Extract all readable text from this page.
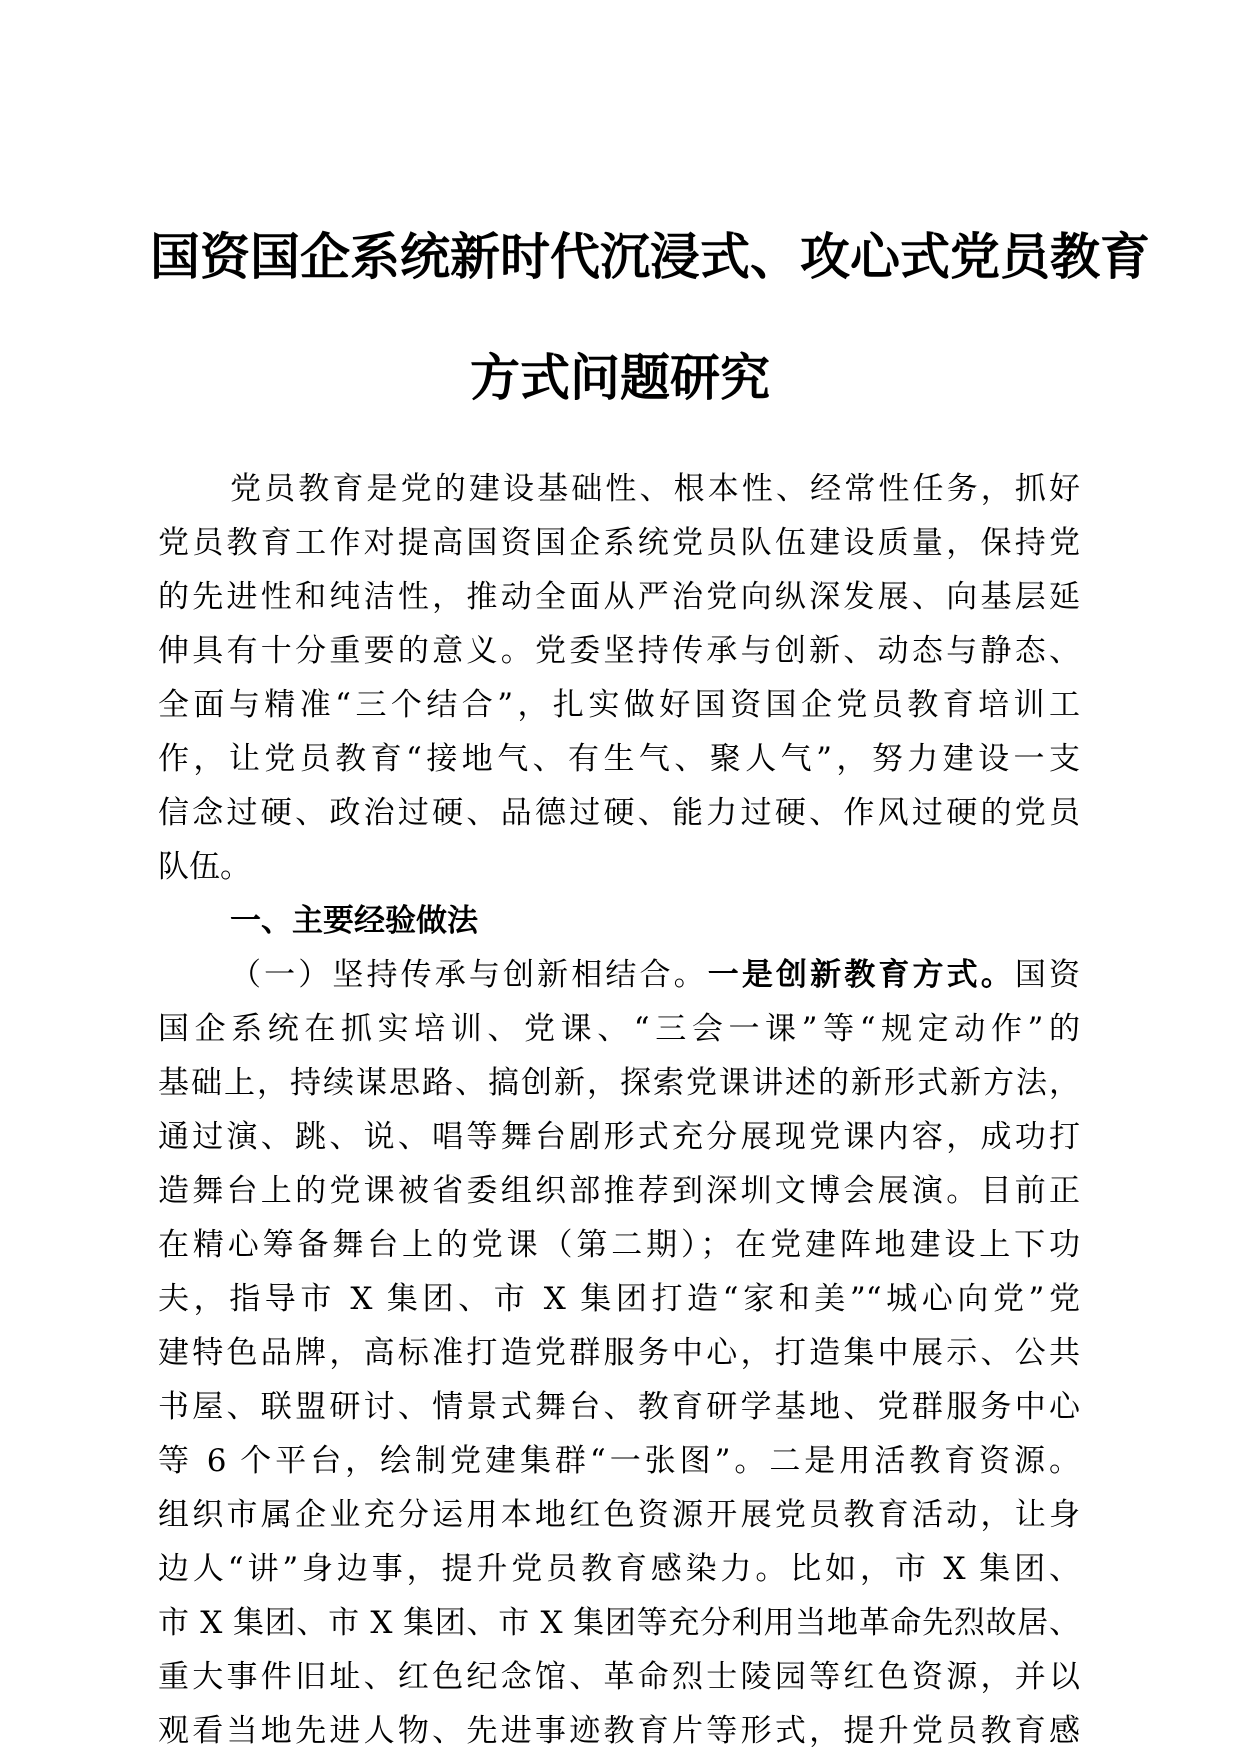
国资国企系统新时代沉浸式、攻心式党员教育
方式问题研究
党员教育是党的建设基础性、根本性、经常性任务，抓好
党员教育工作对提高国资国企系统党员队伍建设质量，保持党
的先进性和纯洁性，推动全面从严治党向纵深发展、向基层延
伸具有十分重要的意义。党委坚持传承与创新、动态与静态、
全面与精准“三个结合”，扎实做好国资国企党员教育培训工
作，让党员教育“接地气、有生气、聚人气”，努力建设一支
信念过硬、政治过硬、品德过硬、能力过硬、作风过硬的党员
队伍。
一、主要经验做法
（一）坚持传承与创新相结合。一是创新教育方式。国资
国企系统在抓实培训、党课、“三会一课”等“规定动作”的
基础上，持续谋思路、搞创新，探索党课讲述的新形式新方法，
通过演、跳、说、唱等舞台剧形式充分展现党课内容，成功打
造舞台上的党课被省委组织部推荐到深圳文博会展演。目前正
在精心筹备舞台上的党课（第二期）；在党建阵地建设上下功
夫，指导市 X 集团、市 X 集团打造“家和美”“城心向党”党
建特色品牌，高标准打造党群服务中心，打造集中展示、公共
书屋、联盟研讨、情景式舞台、教育研学基地、党群服务中心
等 6 个平台，绘制党建集群“一张图”。二是用活教育资源。
组织市属企业充分运用本地红色资源开展党员教育活动，让身
边人“讲”身边事，提升党员教育感染力。比如，市 X 集团、
市 X 集团、市 X 集团、市 X 集团等充分利用当地革命先烈故居、
重大事件旧址、红色纪念馆、革命烈士陵园等红色资源，并以
观看当地先进人物、先进事迹教育片等形式，提升党员教育感
